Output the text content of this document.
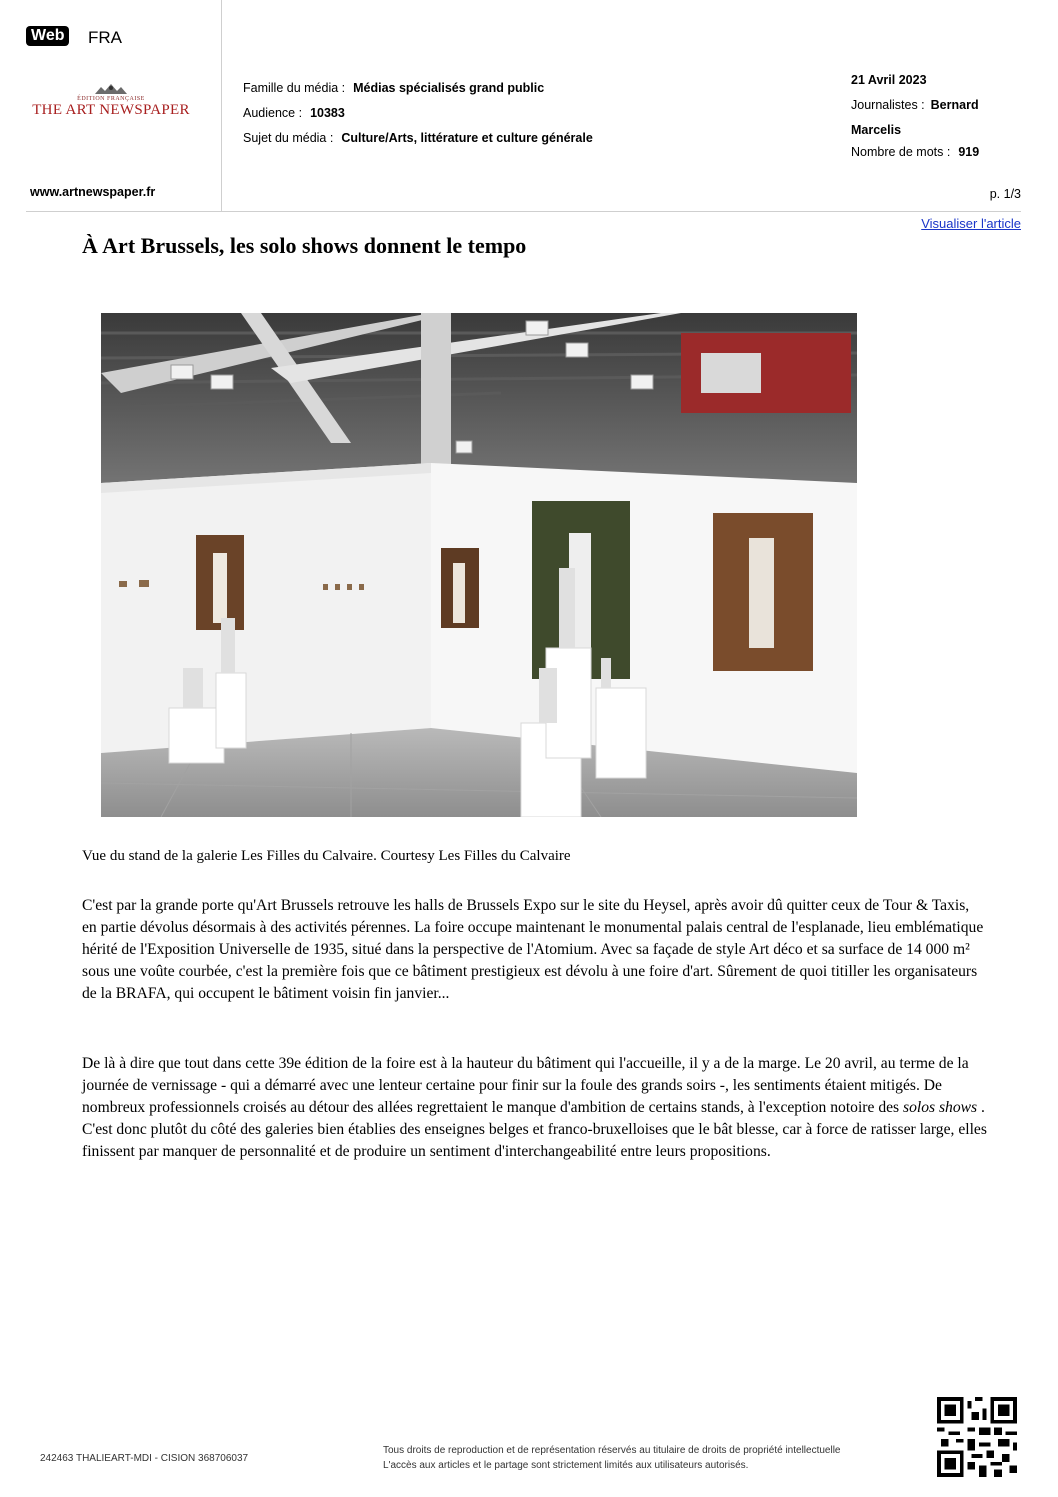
Web FRA
ÉDITION FRANÇAISE
THE ART NEWSPAPER
Famille du média : Médias spécialisés grand public
Audience : 10383
Sujet du média : Culture/Arts, littérature et culture générale
21 Avril 2023
Journalistes : Bernard
Marcelis
Nombre de mots : 919
www.artnewspaper.fr	p. 1/3
Visualiser l'article
À Art Brussels, les solo shows donnent le tempo
Vue du stand de la galerie Les Filles du Calvaire. Courtesy Les Filles du Calvaire

C'est par la grande porte qu'Art Brussels retrouve les halls de Brussels Expo sur le site du Heysel, après avoir dû quitter ceux de Tour & Taxis, en partie dévolus désormais à des activités pérennes. La foire occupe maintenant le monumental palais central de l'esplanade, lieu emblématique hérité de l'Exposition Universelle de 1935, situé dans la perspective de l'Atomium. Avec sa façade de style Art déco et sa surface de 14 000 m² sous une voûte courbée, c'est la première fois que ce bâtiment prestigieux est dévolu à une foire d'art. Sûrement de quoi titiller les organisateurs de la BRAFA, qui occupent le bâtiment voisin fin janvier...

De là à dire que tout dans cette 39e édition de la foire est à la hauteur du bâtiment qui l'accueille, il y a de la marge. Le 20 avril, au terme de la journée de vernissage - qui a démarré avec une lenteur certaine pour finir sur la foule des grands soirs -, les sentiments étaient mitigés. De nombreux professionnels croisés au détour des allées regrettaient le manque d'ambition de certains stands, à l'exception notoire des solos shows . C'est donc plutôt du côté des galeries bien établies des enseignes belges et franco-bruxelloises que le bât blesse, car à force de ratisser large, elles finissent par manquer de personnalité et de produire un sentiment d'interchangeabilité entre leurs propositions.

242463 THALIEART-MDI - CISION 368706037
Tous droits de reproduction et de représentation réservés au titulaire de droits de propriété intellectuelle
L'accès aux articles et le partage sont strictement limités aux utilisateurs autorisés.
